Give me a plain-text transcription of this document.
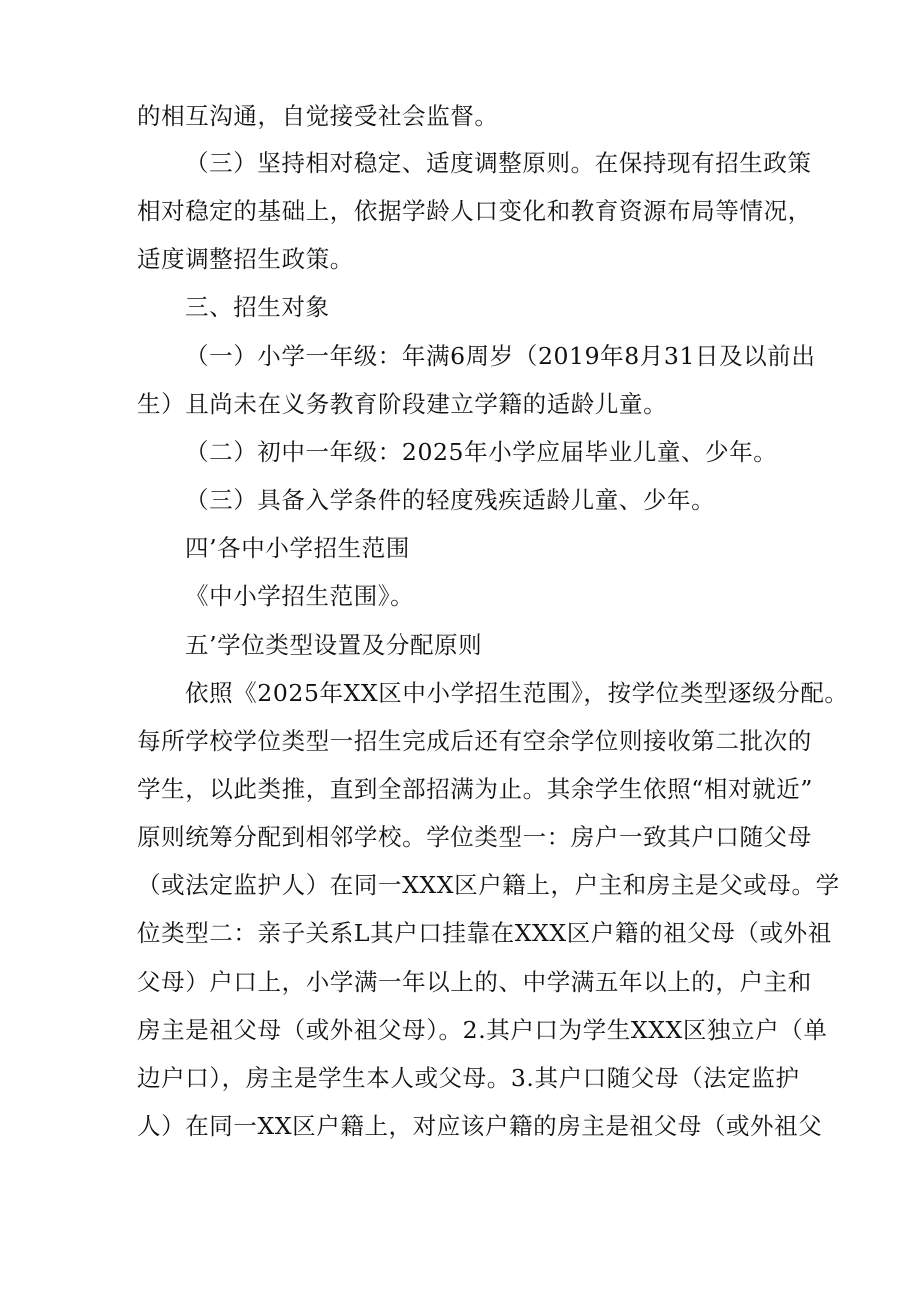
的相互沟通，自觉接受社会监督。

（三）坚持相对稳定、适度调整原则。在保持现有招生政策

相对稳定的基础上，依据学龄人口变化和教育资源布局等情况，

适度调整招生政策。

三、招生对象

（一）小学一年级：年满6周岁（2019年8月31日及以前出

生）且尚未在义务教育阶段建立学籍的适龄儿童。

（二）初中一年级：2025年小学应届毕业儿童、少年。

（三）具备入学条件的轻度残疾适龄儿童、少年。

四’各中小学招生范围

《中小学招生范围》。

五’学位类型设置及分配原则

依照《2025年XX区中小学招生范围》，按学位类型逐级分配。

每所学校学位类型一招生完成后还有空余学位则接收第二批次的

学生，以此类推，直到全部招满为止。其余学生依照“相对就近”

原则统筹分配到相邻学校。学位类型一：房户一致其户口随父母

（或法定监护人）在同一XXX区户籍上，户主和房主是父或母。学

位类型二：亲子关系L其户口挂靠在XXX区户籍的祖父母（或外祖

父母）户口上，小学满一年以上的、中学满五年以上的，户主和

房主是祖父母（或外祖父母）。2.其户口为学生XXX区独立户（单

边户口），房主是学生本人或父母。3.其户口随父母（法定监护

人）在同一XX区户籍上，对应该户籍的房主是祖父母（或外祖父
